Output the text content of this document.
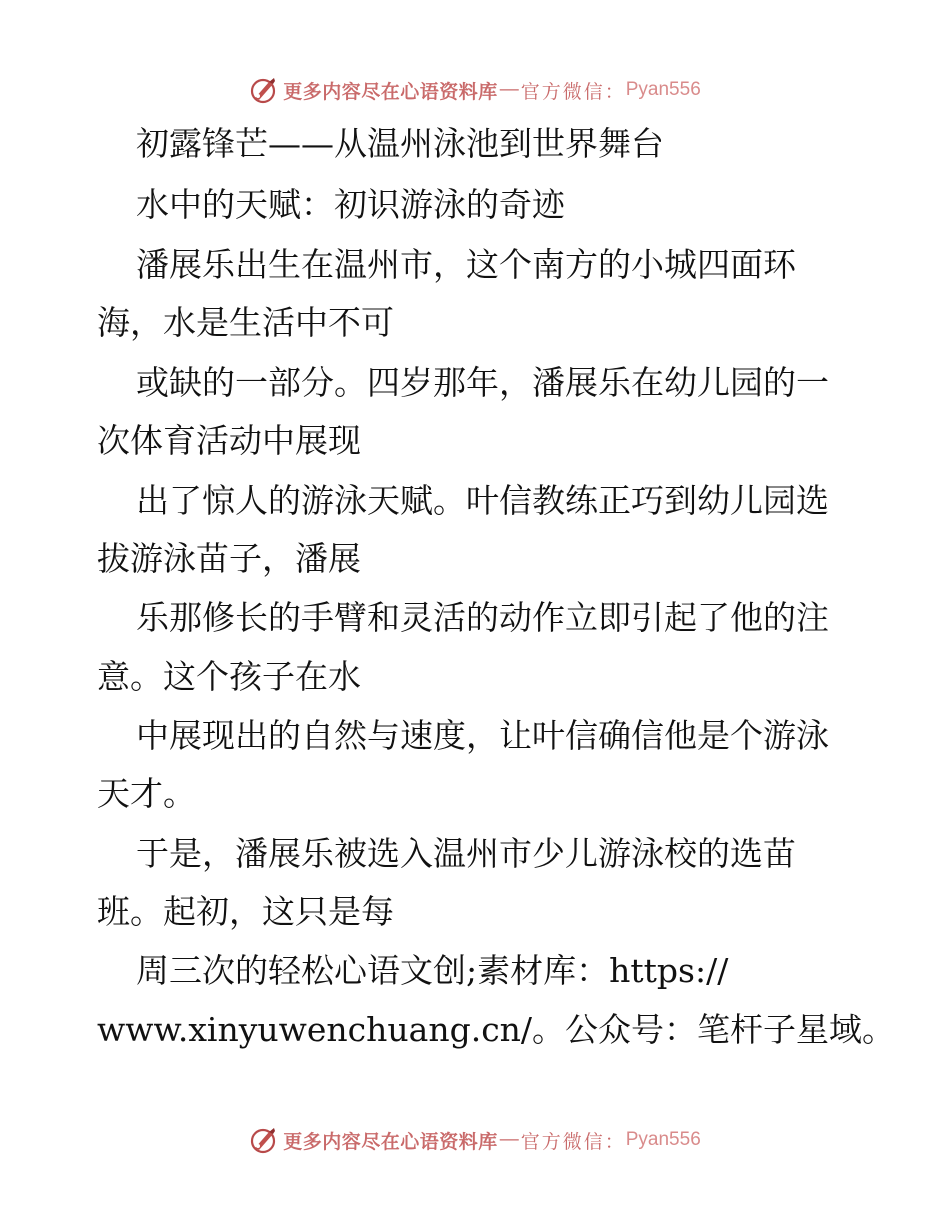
更多内容尽在心语资料库 — 官方微信： Pyan556
初露锋芒——从温州泳池到世界舞台
水中的天赋：初识游泳的奇迹
潘展乐出生在温州市，这个南方的小城四面环
海，水是生活中不可
或缺的一部分。四岁那年，潘展乐在幼儿园的一
次体育活动中展现
出了惊人的游泳天赋。叶信教练正巧到幼儿园选
拔游泳苗子，潘展
乐那修长的手臂和灵活的动作立即引起了他的注
意。这个孩子在水
中展现出的自然与速度，让叶信确信他是个游泳
天才。
于是，潘展乐被选入温州市少儿游泳校的选苗
班。起初，这只是每
周三次的轻松心语文创;素材库：https://
www.xinyuwenchuang.cn/。公众号：笔杆子星域。
更多内容尽在心语资料库 — 官方微信： Pyan556
